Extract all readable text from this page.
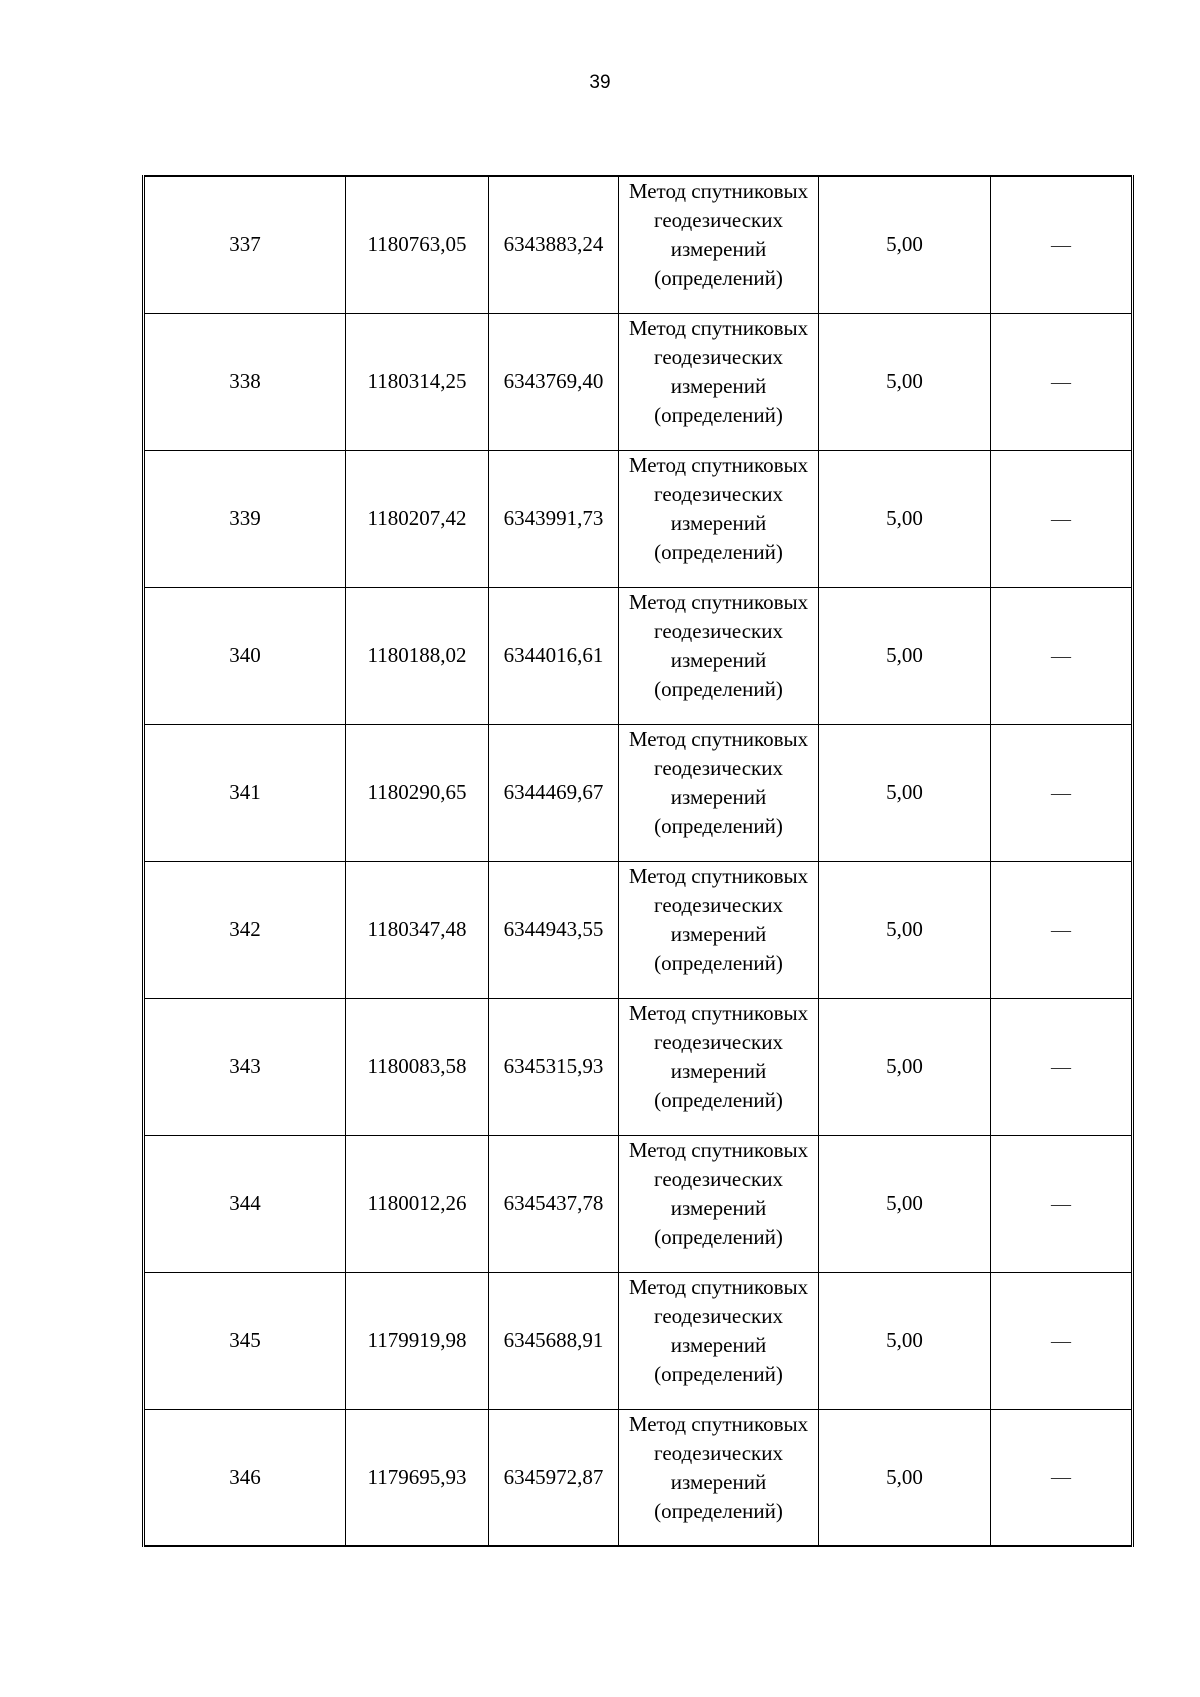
39
337	1180763,05	6343883,24	Метод спутниковых
геодезических
измерений
(определений)	5,00	—
338	1180314,25	6343769,40	Метод спутниковых
геодезических
измерений
(определений)	5,00	—
339	1180207,42	6343991,73	Метод спутниковых
геодезических
измерений
(определений)	5,00	—
340	1180188,02	6344016,61	Метод спутниковых
геодезических
измерений
(определений)	5,00	—
341	1180290,65	6344469,67	Метод спутниковых
геодезических
измерений
(определений)	5,00	—
342	1180347,48	6344943,55	Метод спутниковых
геодезических
измерений
(определений)	5,00	—
343	1180083,58	6345315,93	Метод спутниковых
геодезических
измерений
(определений)	5,00	—
344	1180012,26	6345437,78	Метод спутниковых
геодезических
измерений
(определений)	5,00	—
345	1179919,98	6345688,91	Метод спутниковых
геодезических
измерений
(определений)	5,00	—
346	1179695,93	6345972,87	Метод спутниковых
геодезических
измерений
(определений)	5,00	—
